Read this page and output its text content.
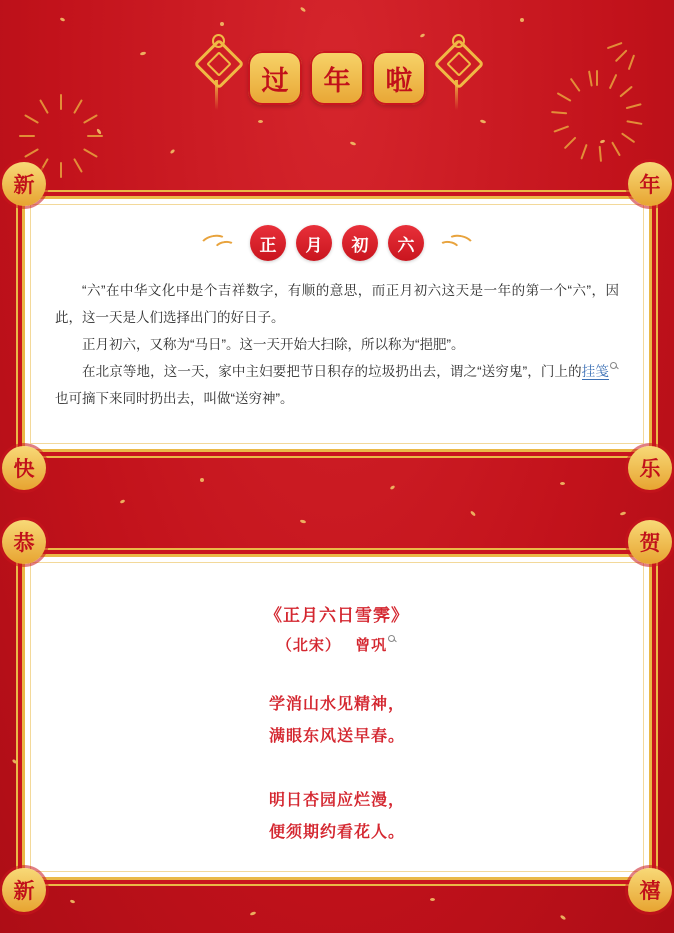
过	年	啦
新	年
快	乐
恭	贺
新	禧
正	月	初	六

“六”在中华文化中是个吉祥数字，有顺的意思，而正月初六这天是一年的第一个“六”，因此，这一天是人们选择出门的好日子。

正月初六，又称为“马日”。这一天开始大扫除，所以称为“挹肥”。

在北京等地，这一天，家中主妇要把节日积存的垃圾扔出去，谓之“送穷鬼”，门上的挂笺也可摘下来同时扔出去，叫做“送穷神”。

《正月六日雪霁》
（北宋） 曾巩
学消山水见精神，
满眼东风送早春。
明日杏园应烂漫，
便须期约看花人。
